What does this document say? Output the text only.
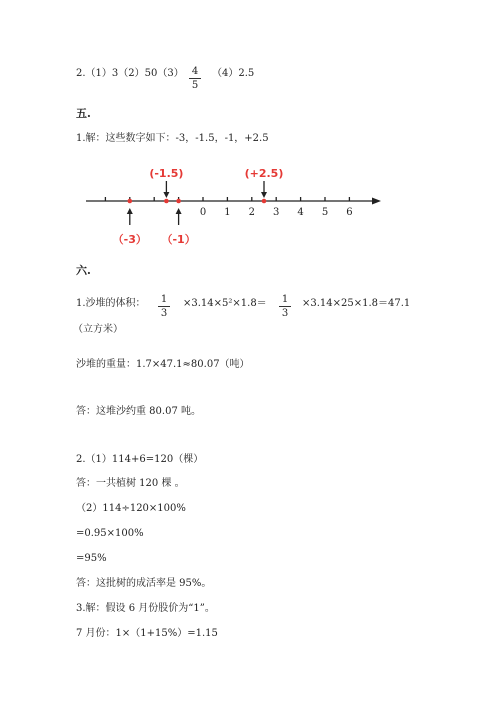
2.（1）3（2）50（3） 4
5
（4）2.5
五.
1.解：这些数字如下：-3，-1.5，-1，+2.5
0 1 2 3 4 5 6
（-3）
(-1.5)
（-1）
(+2.5)
六.
1.沙堆的体积： 1
3
×3.14×5²×1.8＝ 1
3
×3.14×25×1.8＝47.1
（立方米）
沙堆的重量：1.7×47.1≈80.07（吨）
答：这堆沙约重 80.07 吨。
2.（1）114+6=120（棵）
答：一共植树 120 棵 。
（2）114÷120×100%
=0.95×100%
=95%
答：这批树的成活率是 95%。
3.解：假设 6 月份股价为“1”。
7 月份：1×（1+15%）=1.15
